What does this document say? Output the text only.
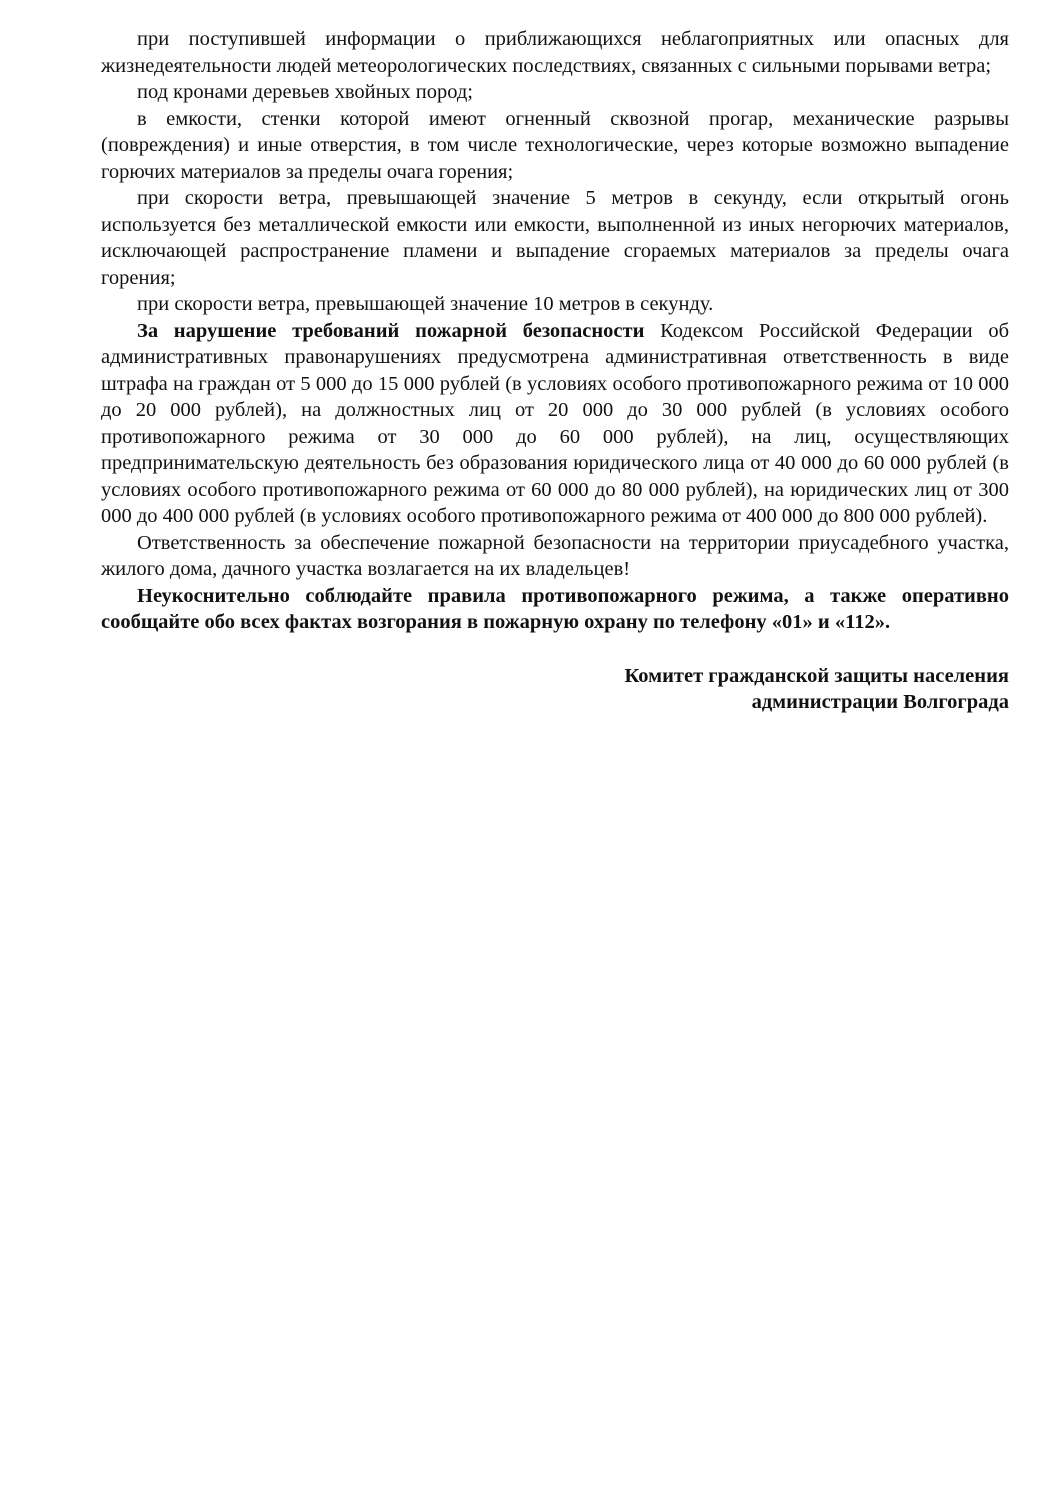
при поступившей информации о приближающихся неблагоприятных или опасных для жизнедеятельности людей метеорологических последствиях, связанных с сильными порывами ветра;

под кронами деревьев хвойных пород;

в емкости, стенки которой имеют огненный сквозной прогар, механические разрывы (повреждения) и иные отверстия, в том числе технологические, через которые возможно выпадение горючих материалов за пределы очага горения;

при скорости ветра, превышающей значение 5 метров в секунду, если открытый огонь используется без металлической емкости или емкости, выполненной из иных негорючих материалов, исключающей распространение пламени и выпадение сгораемых материалов за пределы очага горения;

при скорости ветра, превышающей значение 10 метров в секунду.

За нарушение требований пожарной безопасности Кодексом Российской Федерации об административных правонарушениях предусмотрена административная ответственность в виде штрафа на граждан от 5 000 до 15 000 рублей (в условиях особого противопожарного режима от 10 000 до 20 000 рублей), на должностных лиц от 20 000 до 30 000 рублей (в условиях особого противопожарного режима от 30 000 до 60 000 рублей), на лиц, осуществляющих предпринимательскую деятельность без образования юридического лица от 40 000 до 60 000 рублей (в условиях особого противопожарного режима от 60 000 до 80 000 рублей), на юридических лиц от 300 000 до 400 000 рублей (в условиях особого противопожарного режима от 400 000 до 800 000 рублей).

Ответственность за обеспечение пожарной безопасности на территории приусадебного участка, жилого дома, дачного участка возлагается на их владельцев!

Неукоснительно соблюдайте правила противопожарного режима, а также оперативно сообщайте обо всех фактах возгорания в пожарную охрану по телефону «01» и «112».

Комитет гражданской защиты населения
администрации Волгограда
